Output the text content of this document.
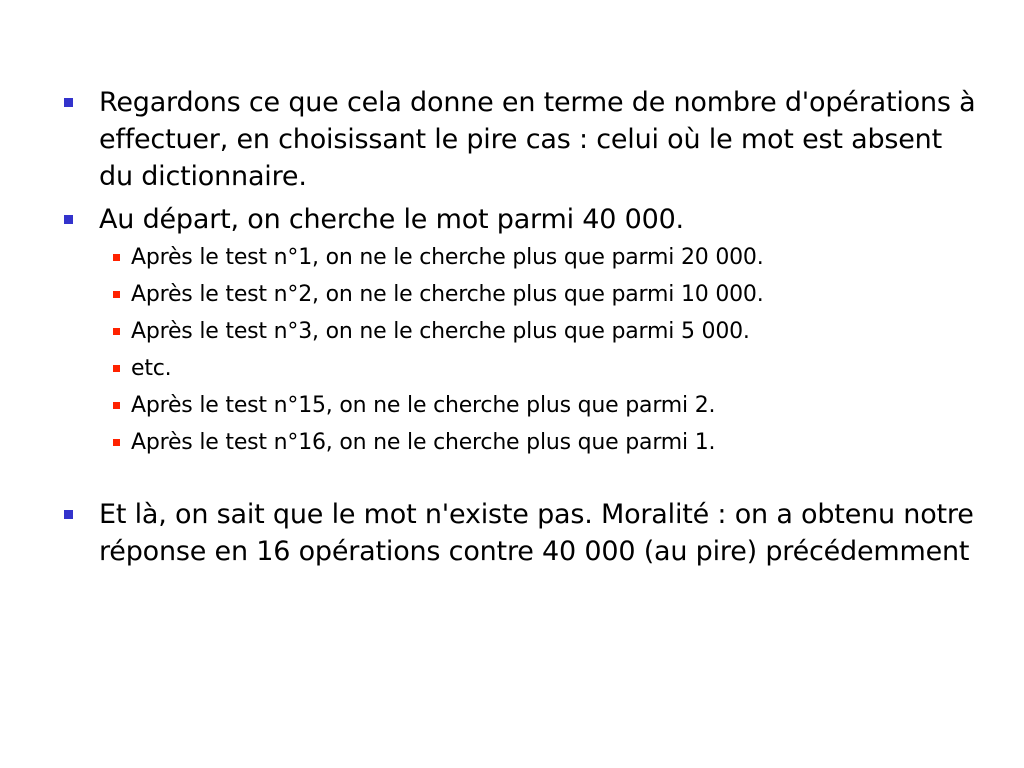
Regardons ce que cela donne en terme de nombre d'opérations à effectuer, en choisissant le pire cas : celui où le mot est absent du dictionnaire.
Au départ, on cherche le mot parmi 40 000.
Après le test n°1, on ne le cherche plus que parmi 20 000.
Après le test n°2, on ne le cherche plus que parmi 10 000.
Après le test n°3, on ne le cherche plus que parmi 5 000.
etc.
Après le test n°15, on ne le cherche plus que parmi 2.
Après le test n°16, on ne le cherche plus que parmi 1.
Et là, on sait que le mot n'existe pas. Moralité : on a obtenu notre réponse en 16 opérations contre 40 000 (au pire) précédemment
